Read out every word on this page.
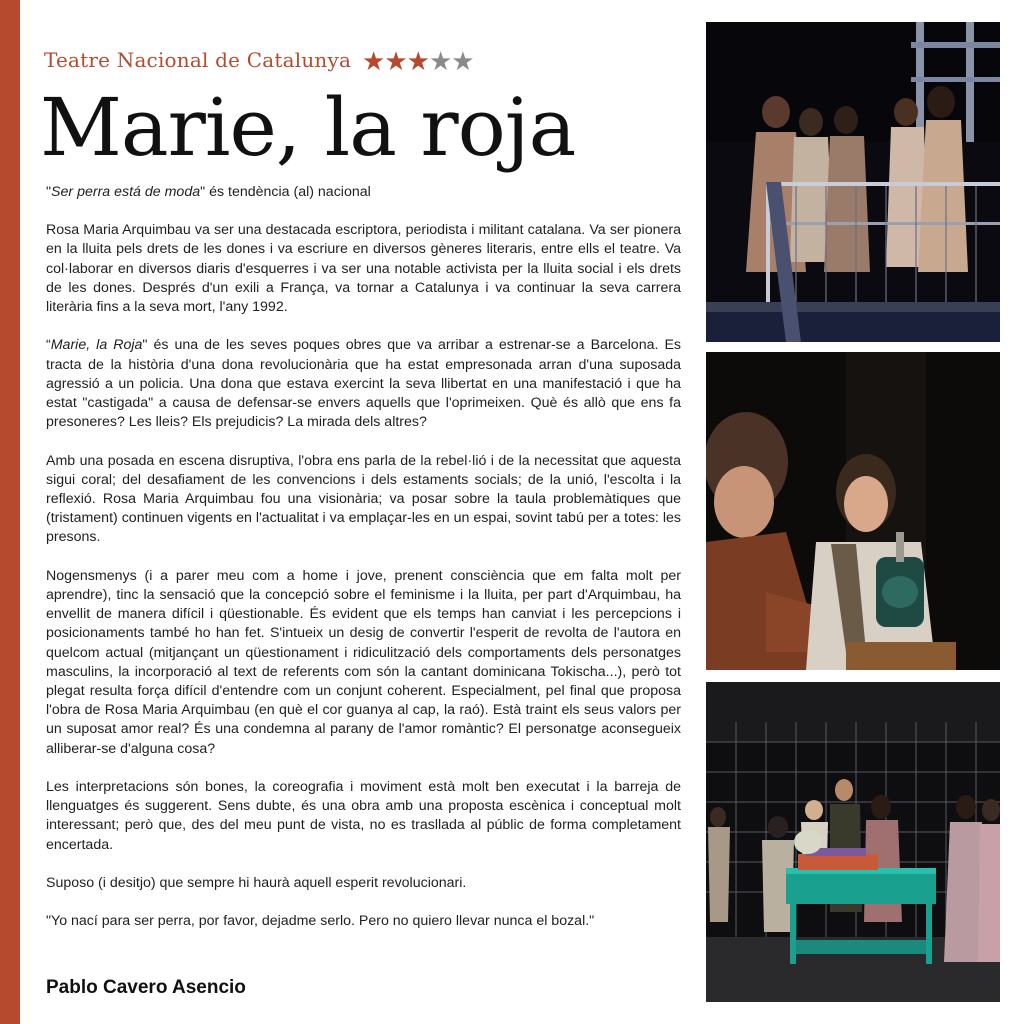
Teatre Nacional de Catalunya ★★★★★
Marie, la roja

"Ser perra está de moda" és tendència (al) nacional

Rosa Maria Arquimbau va ser una destacada escriptora, periodista i militant catalana. Va ser pionera en la lluita pels drets de les dones i va escriure en diversos gèneres literaris, entre ells el teatre. Va col·laborar en diversos diaris d'esquerres i va ser una notable activista per la lluita social i els drets de les dones. Després d'un exili a França, va tornar a Catalunya i va continuar la seva carrera literària fins a la seva mort, l'any 1992.

“Marie, la Roja" és una de les seves poques obres que va arribar a estrenar-se a Barcelona. Es tracta de la història d'una dona revolucionària que ha estat empresonada arran d'una suposada agressió a un policia. Una dona que estava exercint la seva llibertat en una manifestació i que ha estat "castigada" a causa de defensar-se envers aquells que l'oprimeixen. Què és allò que ens fa presoneres? Les lleis? Els prejudicis? La mirada dels altres?

Amb una posada en escena disruptiva, l'obra ens parla de la rebel·lió i de la necessitat que aquesta sigui coral; del desafiament de les convencions i dels estaments socials; de la unió, l'escolta i la reflexió. Rosa Maria Arquimbau fou una visionària; va posar sobre la taula problemàtiques que (tristament) continuen vigents en l'actualitat i va emplaçar-les en un espai, sovint tabú per a totes: les presons.

Nogensmenys (i a parer meu com a home i jove, prenent consciència que em falta molt per aprendre), tinc la sensació que la concepció sobre el feminisme i la lluita, per part d'Arquimbau, ha envellit de manera difícil i qüestionable. És evident que els temps han canviat i les percepcions i posicionaments també ho han fet. S'intueix un desig de convertir l'esperit de revolta de l'autora en quelcom actual (mitjançant un qüestionament i ridiculització dels comportaments dels personatges masculins, la incorporació al text de referents com són la cantant dominicana Tokischa...), però tot plegat resulta força difícil d'entendre com un conjunt coherent. Especialment, pel final que proposa l'obra de Rosa Maria Arquimbau (en què el cor guanya al cap, la raó). Està traint els seus valors per un suposat amor real? És una condemna al parany de l'amor romàntic? El personatge aconsegueix alliberar-se d'alguna cosa?

Les interpretacions són bones, la coreografia i moviment està molt ben executat i la barreja de llenguatges és suggerent. Sens dubte, és una obra amb una proposta escènica i conceptual molt interessant; però que, des del meu punt de vista, no es trasllada al públic de forma completament encertada.

Suposo (i desitjo) que sempre hi haurà aquell esperit revolucionari.

"Yo nací para ser perra, por favor, dejadme serlo. Pero no quiero llevar nunca el bozal."

Pablo Cavero Asencio
